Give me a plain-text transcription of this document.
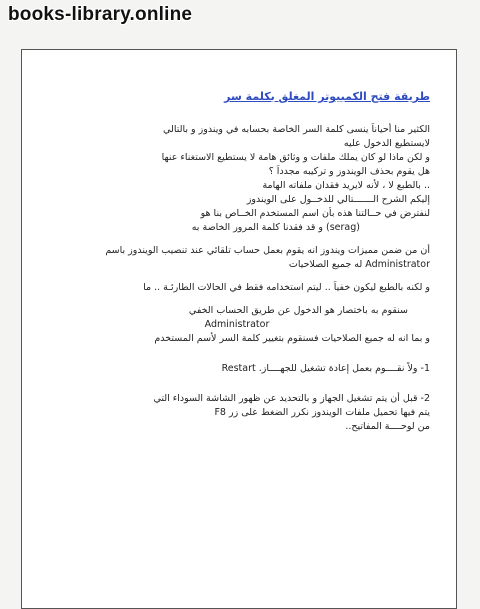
books-library.online
طريقة فتح الكمبيوتر المغلق بكلمة سر

الكثير منا أحياناً ينسى كلمة السر الخاصة بحسابه في ويندوز و بالتالي

لايستطيع الدخول عليه

و لكن ماذا لو كان يملك ملفات و وثائق هامة لا يستطيع الاستغناء عنها

هل يقوم بحذف الويندوز و تركيبه مجدداً ؟

.. بالطبع لا ، لأنه لايريد فقدان ملفاته الهامة

إليكم الشرح الـــــــتالي للدخــول على الويندوز

لنفترض في حــالتنا هذه بأن اسم المستخدم الخــاص بنا هو

(serag) و قد فقدنا كلمة المرور الخاصة به

أن من ضمن مميزات ويندوز انه يقوم بعمل حساب تلقائي عند تنصيب الويندوز باسم

Administrator له جميع الصلاحيات

و لكنه بالطبع ليكون خفياً .. ليتم استخدامه فقط في الحالات الطارئـة .. ما

سنقوم به باختصار هو الدخول عن طريق الحساب الخفي

Administrator

و بما انه له جميع الصلاحيات فسنقوم بتغيير كلمة السر لأسم المستخدم

1- ولاً نقــــوم بعمل إعادة تشغيل للجهــــاز. Restart

2- قبل أن يتم تشغيل الجهاز و بالتحديد عن ظهور الشاشة السوداء التي

يتم فيها تحميل ملفات الويندوز نكرر الضغط على زر F8

من لوحــــة المفاتيح..
